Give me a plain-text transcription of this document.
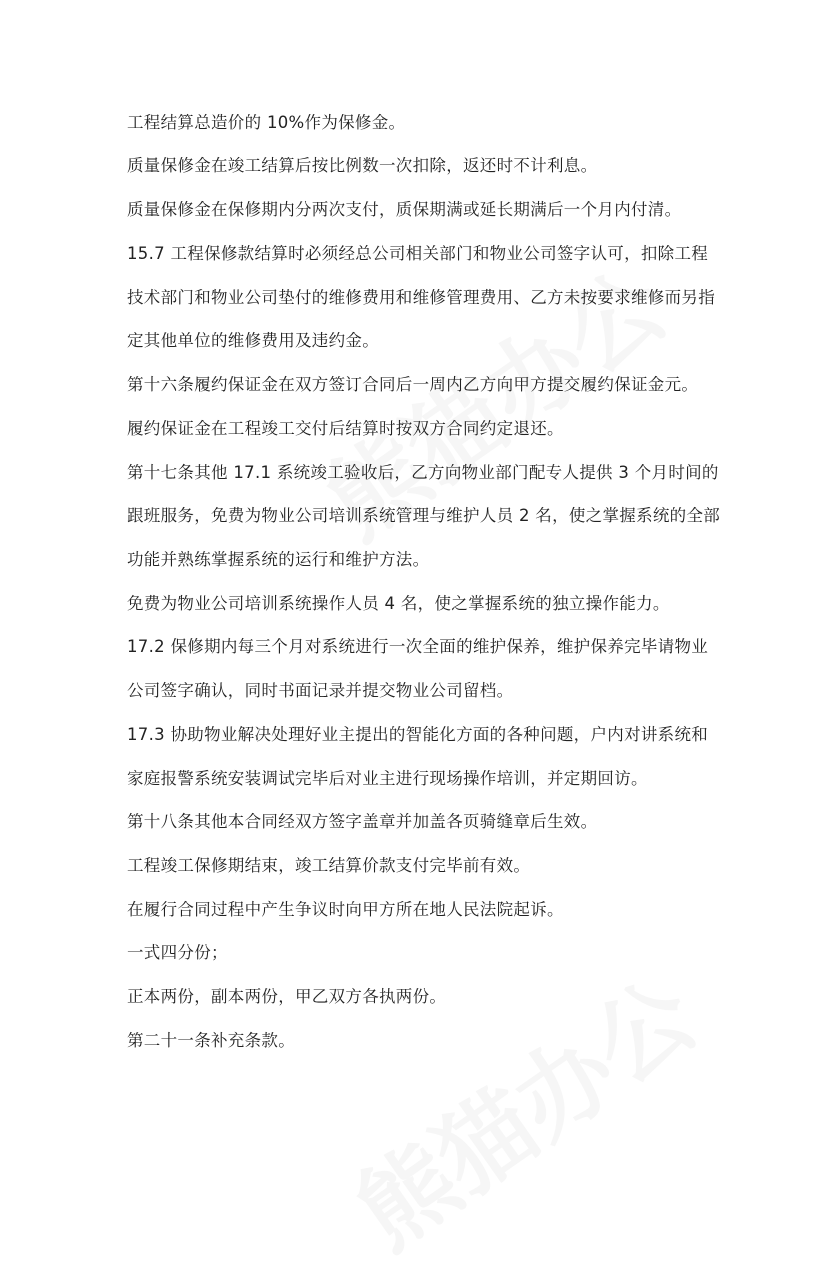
工程结算总造价的 10%作为保修金。

质量保修金在竣工结算后按比例数一次扣除，返还时不计利息。

质量保修金在保修期内分两次支付，质保期满或延长期满后一个月内付清。

15.7 工程保修款结算时必须经总公司相关部门和物业公司签字认可，扣除工程

技术部门和物业公司垫付的维修费用和维修管理费用、乙方未按要求维修而另指

定其他单位的维修费用及违约金。

第十六条履约保证金在双方签订合同后一周内乙方向甲方提交履约保证金元。

履约保证金在工程竣工交付后结算时按双方合同约定退还。

第十七条其他 17.1 系统竣工验收后，乙方向物业部门配专人提供 3 个月时间的

跟班服务，免费为物业公司培训系统管理与维护人员 2 名，使之掌握系统的全部

功能并熟练掌握系统的运行和维护方法。

免费为物业公司培训系统操作人员 4 名，使之掌握系统的独立操作能力。

17.2 保修期内每三个月对系统进行一次全面的维护保养，维护保养完毕请物业

公司签字确认，同时书面记录并提交物业公司留档。

17.3 协助物业解决处理好业主提出的智能化方面的各种问题，户内对讲系统和

家庭报警系统安装调试完毕后对业主进行现场操作培训，并定期回访。

第十八条其他本合同经双方签字盖章并加盖各页骑缝章后生效。

工程竣工保修期结束，竣工结算价款支付完毕前有效。

在履行合同过程中产生争议时向甲方所在地人民法院起诉。

一式四分份；

正本两份，副本两份，甲乙双方各执两份。

第二十一条补充条款。
